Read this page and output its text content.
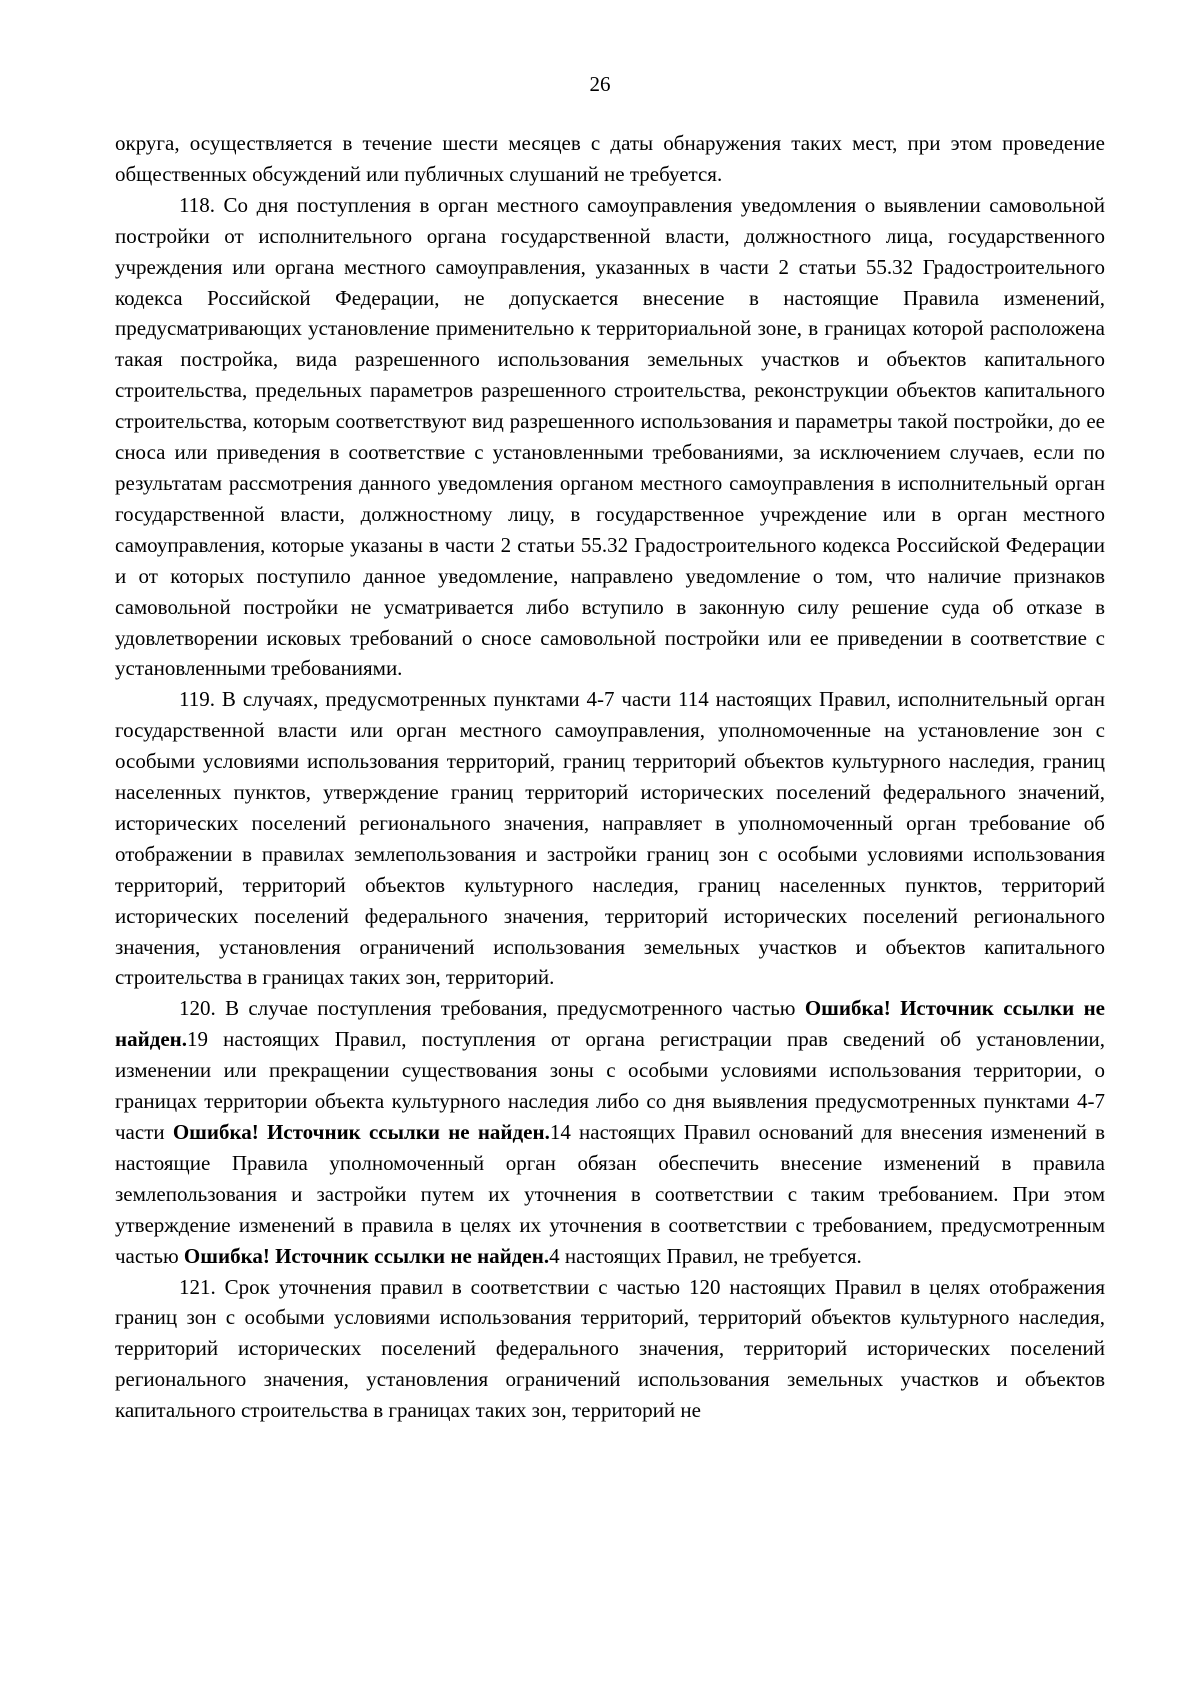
26

округа, осуществляется в течение шести месяцев с даты обнаружения таких мест, при этом проведение общественных обсуждений или публичных слушаний не требуется.

118. Со дня поступления в орган местного самоуправления уведомления о выявлении самовольной постройки от исполнительного органа государственной власти, должностного лица, государственного учреждения или органа местного самоуправления, указанных в части 2 статьи 55.32 Градостроительного кодекса Российской Федерации, не допускается внесение в настоящие Правила изменений, предусматривающих установление применительно к территориальной зоне, в границах которой расположена такая постройка, вида разрешенного использования земельных участков и объектов капитального строительства, предельных параметров разрешенного строительства, реконструкции объектов капитального строительства, которым соответствуют вид разрешенного использования и параметры такой постройки, до ее сноса или приведения в соответствие с установленными требованиями, за исключением случаев, если по результатам рассмотрения данного уведомления органом местного самоуправления в исполнительный орган государственной власти, должностному лицу, в государственное учреждение или в орган местного самоуправления, которые указаны в части 2 статьи 55.32 Градостроительного кодекса Российской Федерации и от которых поступило данное уведомление, направлено уведомление о том, что наличие признаков самовольной постройки не усматривается либо вступило в законную силу решение суда об отказе в удовлетворении исковых требований о сносе самовольной постройки или ее приведении в соответствие с установленными требованиями.

119. В случаях, предусмотренных пунктами 4-7 части 114 настоящих Правил, исполнительный орган государственной власти или орган местного самоуправления, уполномоченные на установление зон с особыми условиями использования территорий, границ территорий объектов культурного наследия, границ населенных пунктов, утверждение границ территорий исторических поселений федерального значений, исторических поселений регионального значения, направляет в уполномоченный орган требование об отображении в правилах землепользования и застройки границ зон с особыми условиями использования территорий, территорий объектов культурного наследия, границ населенных пунктов, территорий исторических поселений федерального значения, территорий исторических поселений регионального значения, установления ограничений использования земельных участков и объектов капитального строительства в границах таких зон, территорий.

120. В случае поступления требования, предусмотренного частью Ошибка! Источник ссылки не найден.19 настоящих Правил, поступления от органа регистрации прав сведений об установлении, изменении или прекращении существования зоны с особыми условиями использования территории, о границах территории объекта культурного наследия либо со дня выявления предусмотренных пунктами 4-7 части Ошибка! Источник ссылки не найден.14 настоящих Правил оснований для внесения изменений в настоящие Правила уполномоченный орган обязан обеспечить внесение изменений в правила землепользования и застройки путем их уточнения в соответствии с таким требованием. При этом утверждение изменений в правила в целях их уточнения в соответствии с требованием, предусмотренным частью Ошибка! Источник ссылки не найден.4 настоящих Правил, не требуется.

121. Срок уточнения правил в соответствии с частью 120 настоящих Правил в целях отображения границ зон с особыми условиями использования территорий, территорий объектов культурного наследия, территорий исторических поселений федерального значения, территорий исторических поселений регионального значения, установления ограничений использования земельных участков и объектов капитального строительства в границах таких зон, территорий не
